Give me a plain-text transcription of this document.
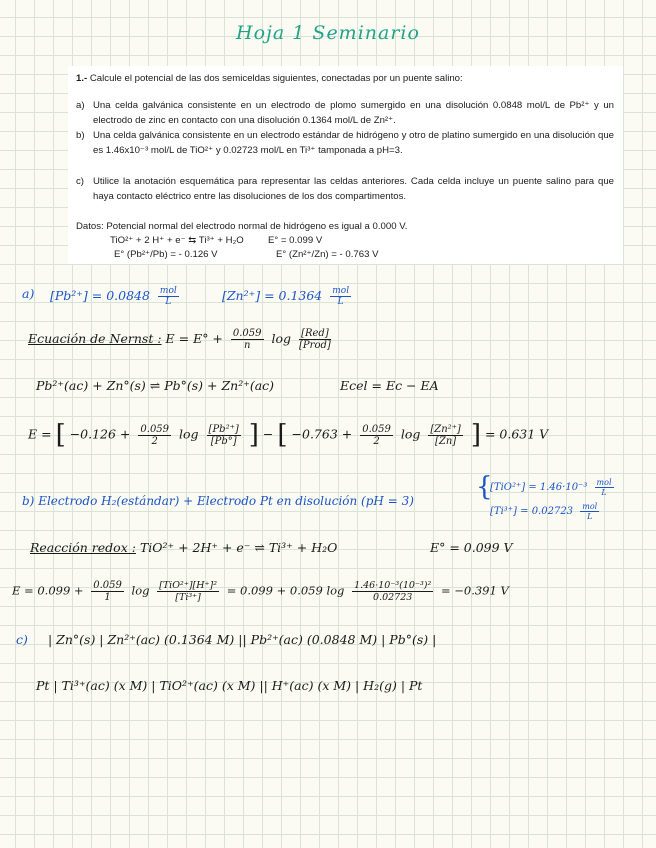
Hoja 1 Seminario
1.- Calcule el potencial de las dos semiceldas siguientes, conectadas por un puente salino:
a) Una celda galvánica consistente en un electrodo de plomo sumergido en una disolución 0.0848 mol/L de Pb²⁺ y un electrodo de zinc en contacto con una disolución 0.1364 mol/L de Zn²⁺.
b) Una celda galvánica consistente en un electrodo estándar de hidrógeno y otro de platino sumergido en una disolución que es 1.46x10⁻³ mol/L de TiO²⁺ y 0.02723 mol/L en Ti³⁺ tamponada a pH=3.
c) Utilice la anotación esquemática para representar las celdas anteriores. Cada celda incluye un puente salino para que haya contacto eléctrico entre las disoluciones de los dos compartimentos.
Datos: Potencial normal del electrodo normal de hidrógeno es igual a 0.000 V.
TiO²⁺ + 2 H⁺ + e⁻ ⇆ Ti³⁺ + H₂O	E° = 0.099 V
E° (Pb²⁺/Pb) = - 0.126 V	E° (Zn²⁺/Zn) = - 0.763 V
a) $[Pb^{2+}] = 0.0848 \frac{\text{mol}}{L}$	$[Zn^{2+}] = 0.1364 \frac{\text{mol}}{L}$
Ecuación de Nernst : $E = E^\circ + \frac{0.059}{n}$ $\log \frac{\text{[Red]}}{\text{[Prod]}}$
Pb²⁺(ac) + Zn°(s) ⇌ Pb°(s) + Zn²⁺(ac)	Ecel = Ec − EA
E = [ $-0.126 + \frac{0.059}{2}$ $\log \frac{\text{[Pb²⁺]}}{[Pb^\circ]}$ ] − [ $-0.763 + \frac{0.059}{2}$ $\log \frac{\text{[Zn²⁺]}}{[Zn]}$ ] = 0.631 V
b) Electrodo H₂(estándar) + Electrodo Pt en disolución (pH = 3) {
$[TiO^{2+}] = 1.46\cdot 10^{-3} \frac{\text{mol}}{L}$
$[Ti^{3+}] = 0.02723 \frac{\text{mol}}{L}$
Reacción redox : TiO²⁺ + 2H⁺ + e⁻ ⇌ Ti³⁺ + H₂O	E° = 0.099 V
$E = 0.099 + \frac{0.059}{1}$ $\log \frac{\text{[TiO²⁺][H⁺]²}}{\text{[Ti³⁺]}} = 0.099 + 0.059$ $\log \frac{\text{1.46·10⁻³(10⁻³)²}}{0.02723} = -0.391$ V
c) | Zn°(s) | Zn²⁺(ac) (0.1364 M) || Pb²⁺(ac) (0.0848 M) | Pb°(s) |
Pt | Ti³⁺(ac) (x M) | TiO²⁺(ac) (x M) || H⁺(ac) (x M) | H₂(g) | Pt
